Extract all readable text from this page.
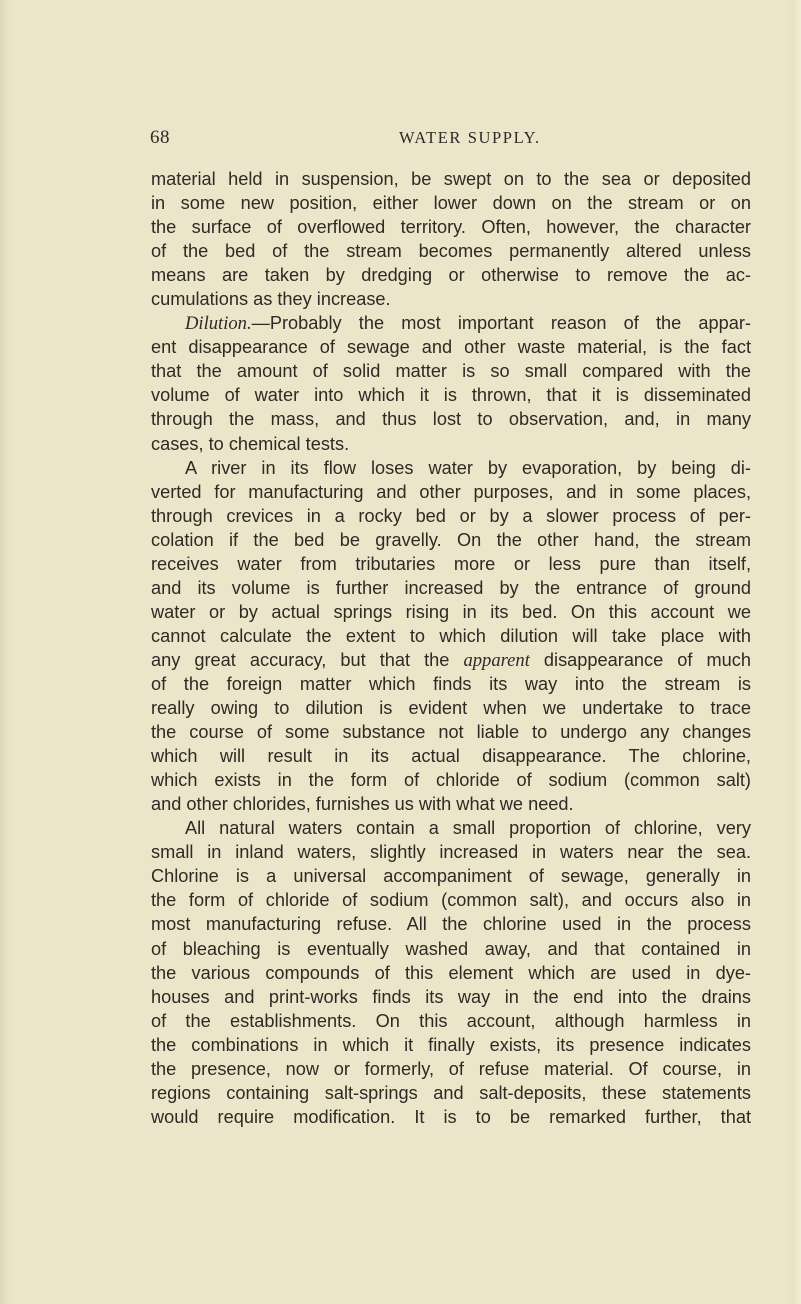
68	WATER SUPPLY.
material held in suspension, be swept on to the sea or deposited
in some new position, either lower down on the stream or on
the surface of overflowed territory. Often, however, the character
of the bed of the stream becomes permanently altered unless
means are taken by dredging or otherwise to remove the ac-
cumulations as they increase.
Dilution.—Probably the most important reason of the appar-
ent disappearance of sewage and other waste material, is the fact
that the amount of solid matter is so small compared with the
volume of water into which it is thrown, that it is disseminated
through the mass, and thus lost to observation, and, in many
cases, to chemical tests.
A river in its flow loses water by evaporation, by being di-
verted for manufacturing and other purposes, and in some places,
through crevices in a rocky bed or by a slower process of per-
colation if the bed be gravelly. On the other hand, the stream
receives water from tributaries more or less pure than itself,
and its volume is further increased by the entrance of ground
water or by actual springs rising in its bed. On this account we
cannot calculate the extent to which dilution will take place with
any great accuracy, but that the apparent disappearance of much
of the foreign matter which finds its way into the stream is
really owing to dilution is evident when we undertake to trace
the course of some substance not liable to undergo any changes
which will result in its actual disappearance. The chlorine,
which exists in the form of chloride of sodium (common salt)
and other chlorides, furnishes us with what we need.
All natural waters contain a small proportion of chlorine, very
small in inland waters, slightly increased in waters near the sea.
Chlorine is a universal accompaniment of sewage, generally in
the form of chloride of sodium (common salt), and occurs also in
most manufacturing refuse. All the chlorine used in the process
of bleaching is eventually washed away, and that contained in
the various compounds of this element which are used in dye-
houses and print-works finds its way in the end into the drains
of the establishments. On this account, although harmless in
the combinations in which it finally exists, its presence indicates
the presence, now or formerly, of refuse material. Of course, in
regions containing salt-springs and salt-deposits, these statements
would require modification. It is to be remarked further, that
